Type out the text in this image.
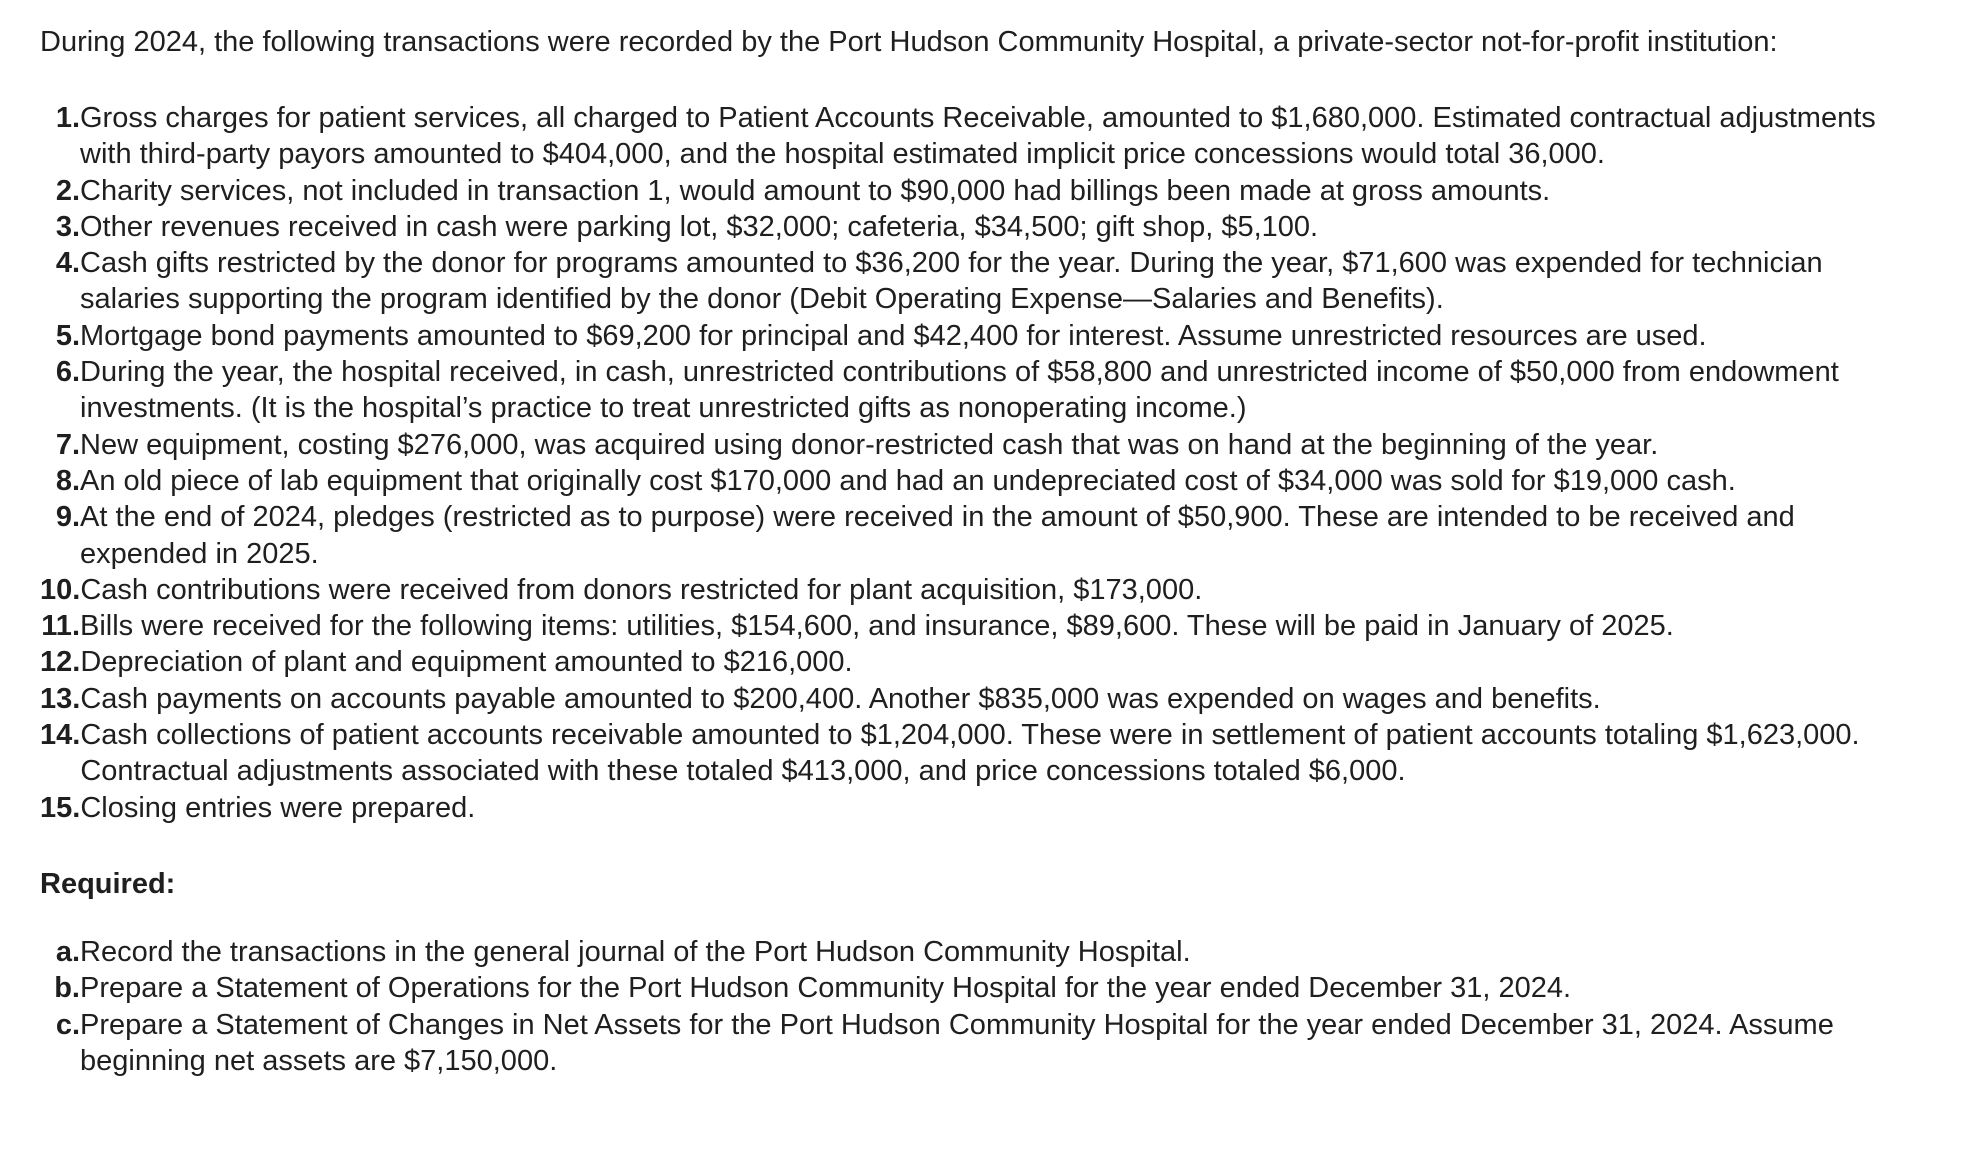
During 2024, the following transactions were recorded by the Port Hudson Community Hospital, a private-sector not-for-profit institution:

1. Gross charges for patient services, all charged to Patient Accounts Receivable, amounted to $1,680,000. Estimated contractual adjustments with third-party payors amounted to $404,000, and the hospital estimated implicit price concessions would total 36,000.
2. Charity services, not included in transaction 1, would amount to $90,000 had billings been made at gross amounts.
3. Other revenues received in cash were parking lot, $32,000; cafeteria, $34,500; gift shop, $5,100.
4. Cash gifts restricted by the donor for programs amounted to $36,200 for the year. During the year, $71,600 was expended for technician salaries supporting the program identified by the donor (Debit Operating Expense—Salaries and Benefits).
5. Mortgage bond payments amounted to $69,200 for principal and $42,400 for interest. Assume unrestricted resources are used.
6. During the year, the hospital received, in cash, unrestricted contributions of $58,800 and unrestricted income of $50,000 from endowment investments. (It is the hospital’s practice to treat unrestricted gifts as nonoperating income.)
7. New equipment, costing $276,000, was acquired using donor-restricted cash that was on hand at the beginning of the year.
8. An old piece of lab equipment that originally cost $170,000 and had an undepreciated cost of $34,000 was sold for $19,000 cash.
9. At the end of 2024, pledges (restricted as to purpose) were received in the amount of $50,900. These are intended to be received and expended in 2025.
10. Cash contributions were received from donors restricted for plant acquisition, $173,000.
11. Bills were received for the following items: utilities, $154,600, and insurance, $89,600. These will be paid in January of 2025.
12. Depreciation of plant and equipment amounted to $216,000.
13. Cash payments on accounts payable amounted to $200,400. Another $835,000 was expended on wages and benefits.
14. Cash collections of patient accounts receivable amounted to $1,204,000. These were in settlement of patient accounts totaling $1,623,000. Contractual adjustments associated with these totaled $413,000, and price concessions totaled $6,000.
15. Closing entries were prepared.
Required:
a. Record the transactions in the general journal of the Port Hudson Community Hospital.
b. Prepare a Statement of Operations for the Port Hudson Community Hospital for the year ended December 31, 2024.
c. Prepare a Statement of Changes in Net Assets for the Port Hudson Community Hospital for the year ended December 31, 2024. Assume beginning net assets are $7,150,000.
